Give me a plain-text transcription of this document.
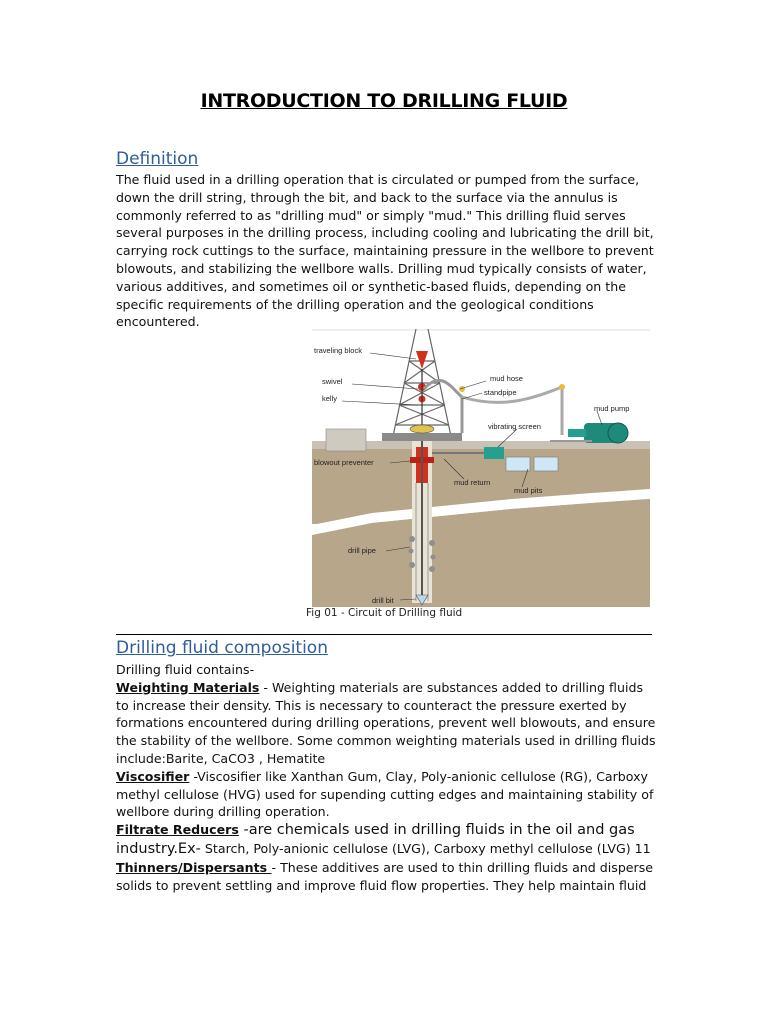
INTRODUCTION TO DRILLING FLUID
Definition

The fluid used in a drilling operation that is circulated or pumped from the surface, down the drill string, through the bit, and back to the surface via the annulus is commonly referred to as "drilling mud" or simply "mud." This drilling fluid serves several purposes in the drilling process, including cooling and lubricating the drill bit, carrying rock cuttings to the surface, maintaining pressure in the wellbore to prevent blowouts, and stabilizing the wellbore walls. Drilling mud typically consists of water, various additives, and sometimes oil or synthetic-based fluids, depending on the specific requirements of the drilling operation and the geological conditions encountered.

traveling block
swivel
kelly
mud hose
standpipe
mud pump
vibrating screen
blowout preventer
mud return
mud pits
drill pipe
drill bit
Fig 01 - Circuit of Drilling fluid
Drilling fluid composition

Drilling fluid contains-

Weighting Materials - Weighting materials are substances added to drilling fluids to increase their density. This is necessary to counteract the pressure exerted by formations encountered during drilling operations, prevent well blowouts, and ensure the stability of the wellbore. Some common weighting materials used in drilling fluids include:Barite, CaCO3 , Hematite

Viscosifier -Viscosifier like Xanthan Gum, Clay, Poly-anionic cellulose (RG), Carboxy methyl cellulose (HVG) used for supending cutting edges and maintaining stability of wellbore during drilling operation.

Filtrate Reducers -are chemicals used in drilling fluids in the oil and gas industry.Ex- Starch, Poly-anionic cellulose (LVG), Carboxy methyl cellulose (LVG) 11

Thinners/Dispersants - These additives are used to thin drilling fluids and disperse solids to prevent settling and improve fluid flow properties. They help maintain fluid
